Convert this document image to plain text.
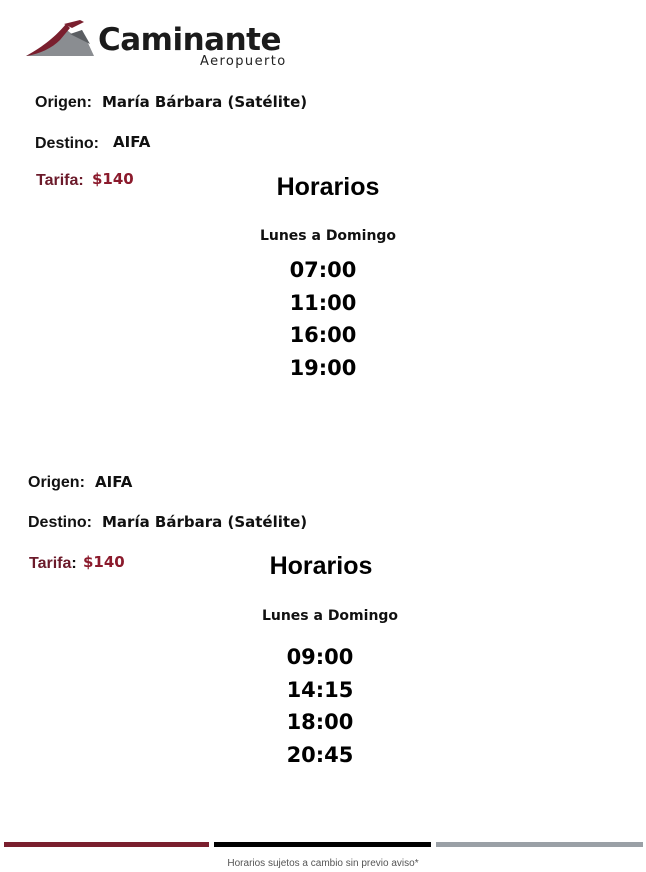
Caminante
Aeropuerto
Origen: María Bárbara (Satélite)
Destino: AIFA
Tarifa: $140	Horarios
Lunes a Domingo
07:00
11:00
16:00
19:00
Origen: AIFA
Destino: María Bárbara (Satélite)
Tarifa: $140	Horarios
Lunes a Domingo
09:00
14:15
18:00
20:45
Horarios sujetos a cambio sin previo aviso*
